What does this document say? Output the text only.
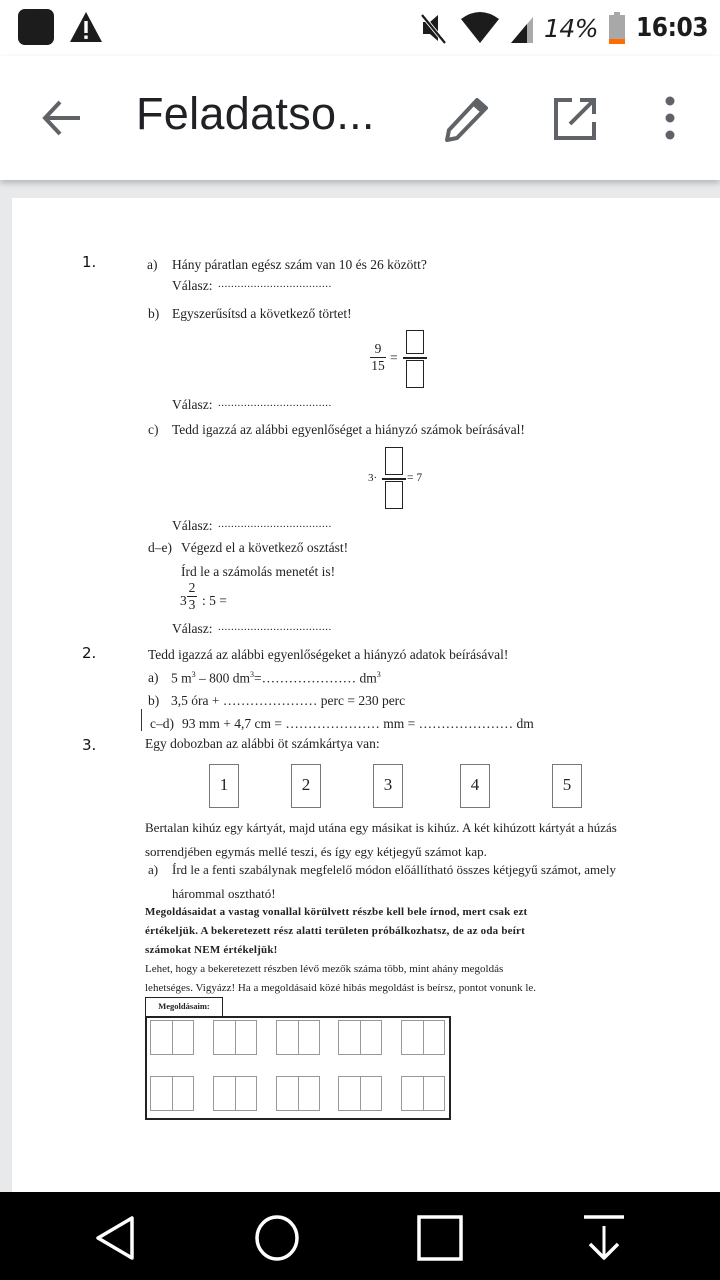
14% 16:03
Feladatso...
1.	a) Hány páratlan egész szám van 10 és 26 között?
Válasz: ...................................
b) Egyszerűsítsd a következő törtet!
9
15
=
Válasz: ...................................
c) Tedd igazzá az alábbi egyenlőséget a hiányzó számok beírásával!
3·	= 7
Válasz: ...................................
d–e) Végezd el a következő osztást!
Írd le a számolás menetét is!
3
2
3 : 5 =
Válasz: ...................................
2.	Tedd igazzá az alábbi egyenlőségeket a hiányzó adatok beírásával!
a) 5 $m^3 - 800$ $dm^3=\dots\dots\dots\dots\dots\dots\dots$ $dm^3$
b) 3,5 óra + ………………… perc = 230 perc
c–d) 93 mm + 4,7 cm = ………………… mm = ………………… dm
3.	Egy dobozban az alábbi öt számkártya van:
1	2	3	4	5
Bertalan kihúz egy kártyát, majd utána egy másikat is kihúz. A két kihúzott kártyát a húzás
sorrendjében egymás mellé teszi, és így egy kétjegyű számot kap.
a) Írd le a fenti szabálynak megfelelő módon előállítható összes kétjegyű számot, amely
hárommal osztható!
Megoldásaidat a vastag vonallal körülvett részbe kell bele írnod, mert csak ezt
értékeljük. A bekeretezett rész alatti területen próbálkozhatsz, de az oda beírt
számokat NEM értékeljük!
Lehet, hogy a bekeretezett részben lévő mezők száma több, mint ahány megoldás
lehetséges. Vigyázz! Ha a megoldásaid közé hibás megoldást is beírsz, pontot vonunk le.
Megoldásaim:
